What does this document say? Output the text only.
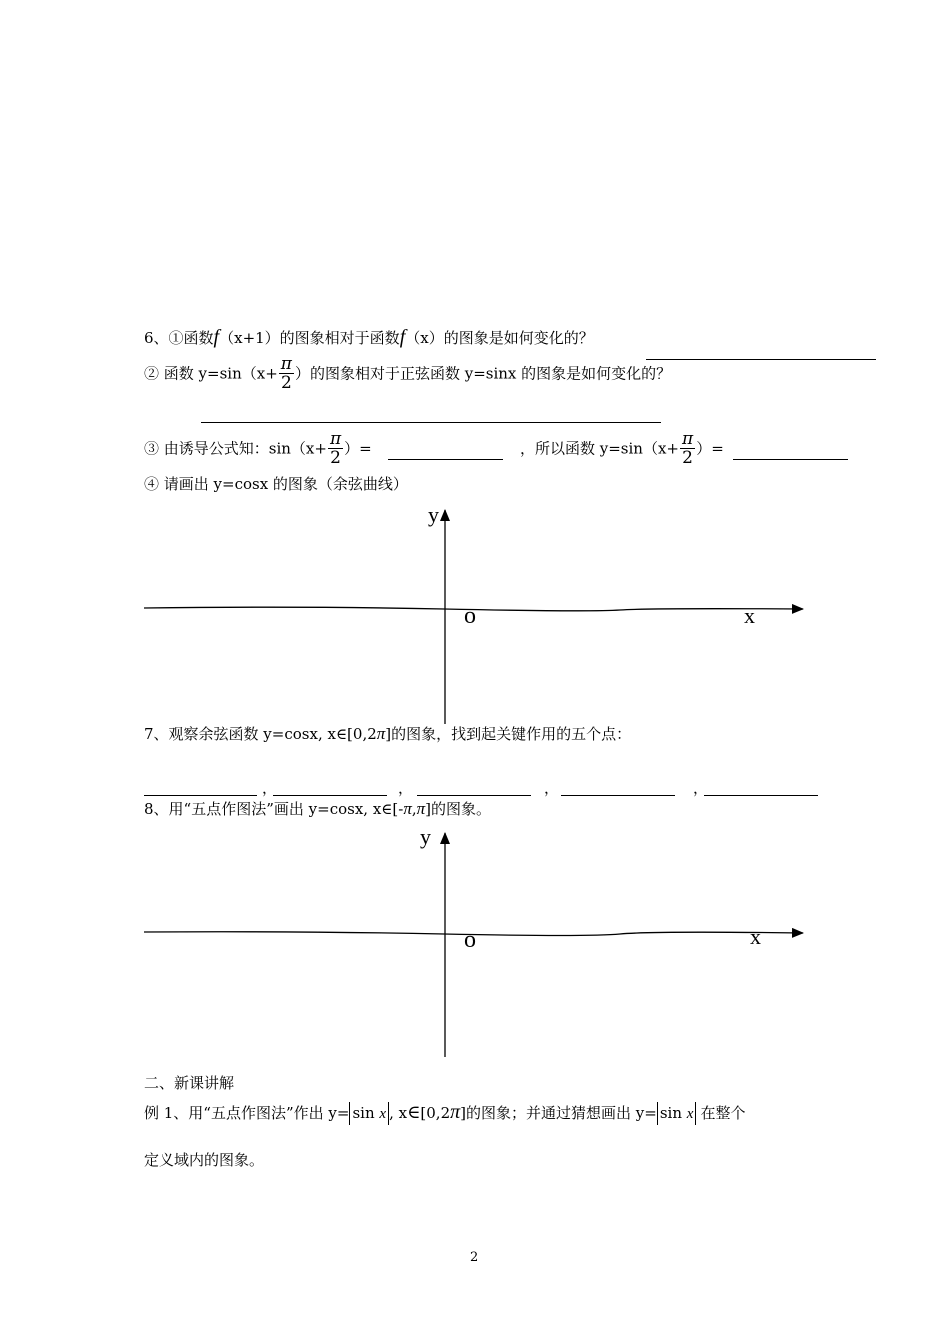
6、①函数f（x+1）的图象相对于函数f（x）的图象是如何变化的？
② 函数 $y=\sin(x+ \frac{\pi}{2}$ ）的图象相对于正弦函数 y=sinx 的图象是如何变化的？
③ 由诱导公式知：$\sin(x+ \frac{\pi}{2}$ ）=	，所以函数 $y=\sin(x+ \frac{\pi}{2}$ ）=
④ 请画出 y=cosx 的图象（余弦曲线）
y
o	x
7、观察余弦函数 y=cosx, x∈[0,2π]的图象，找到起关键作用的五个点：
，	，	，	，
8、用“五点作图法”画出 y=cosx, x∈[-π,π]的图象。
y
o	x
二、新课讲解
例 1、用“五点作图法”作出 y= sin x , x∈[0,2π]的图象；并通过猜想画出 y= sin x 在整个
定义域内的图象。
2
